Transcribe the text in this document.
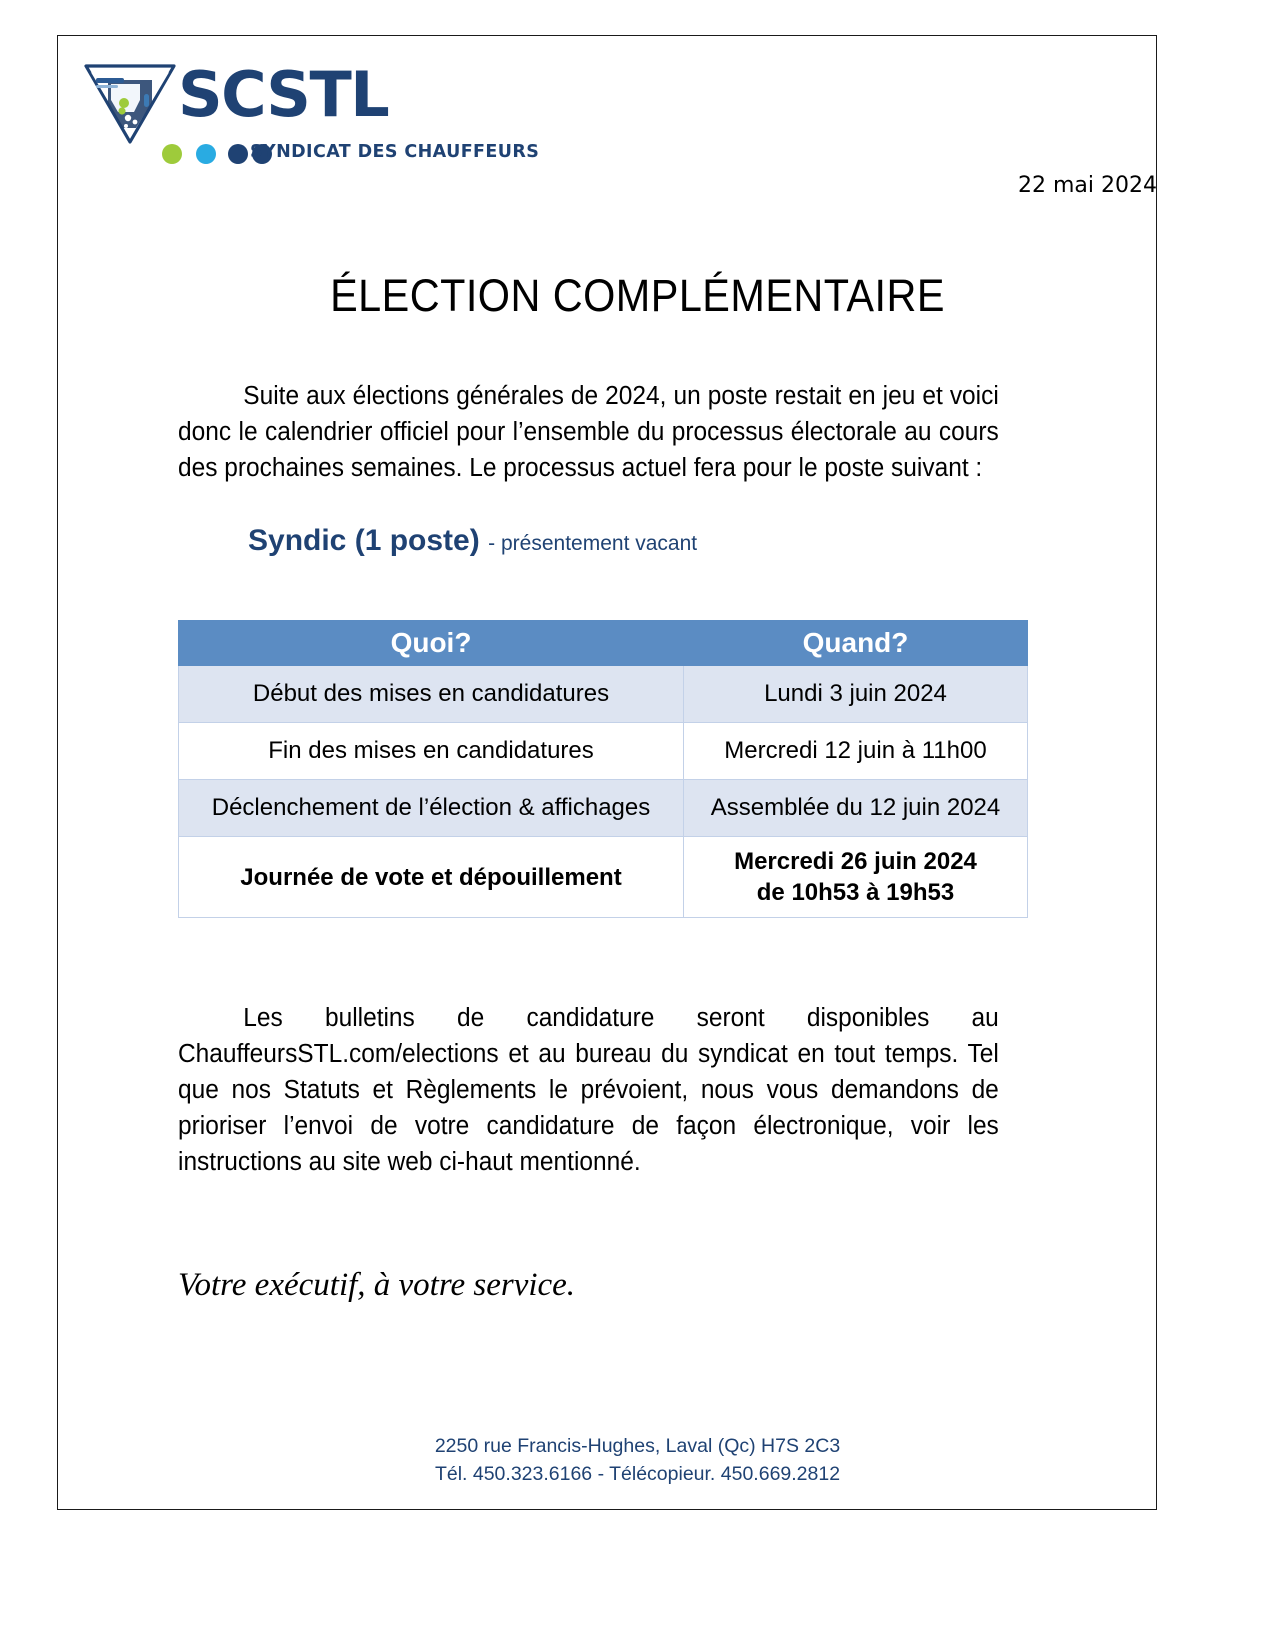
SCSTL
SYNDICAT DES CHAUFFEURS
22 mai 2024
ÉLECTION COMPLÉMENTAIRE
Suite aux élections générales de 2024, un poste restait en jeu et voici donc le calendrier officiel pour l’ensemble du processus électorale au cours des prochaines semaines. Le processus actuel fera pour le poste suivant :
Syndic (1 poste) - présentement vacant
Quoi?	Quand?
Début des mises en candidatures	Lundi 3 juin 2024
Fin des mises en candidatures	Mercredi 12 juin à 11h00
Déclenchement de l’élection & affichages	Assemblée du 12 juin 2024
Journée de vote et dépouillement	Mercredi 26 juin 2024
de 10h53 à 19h53
Les bulletins de candidature seront disponibles au ChauffeursSTL.com/elections et au bureau du syndicat en tout temps. Tel que nos Statuts et Règlements le prévoient, nous vous demandons de prioriser l’envoi de votre candidature de façon électronique, voir les instructions au site web ci-haut mentionné.
Votre exécutif, à votre service.
2250 rue Francis-Hughes, Laval (Qc) H7S 2C3
Tél. 450.323.6166 - Télécopieur. 450.669.2812
